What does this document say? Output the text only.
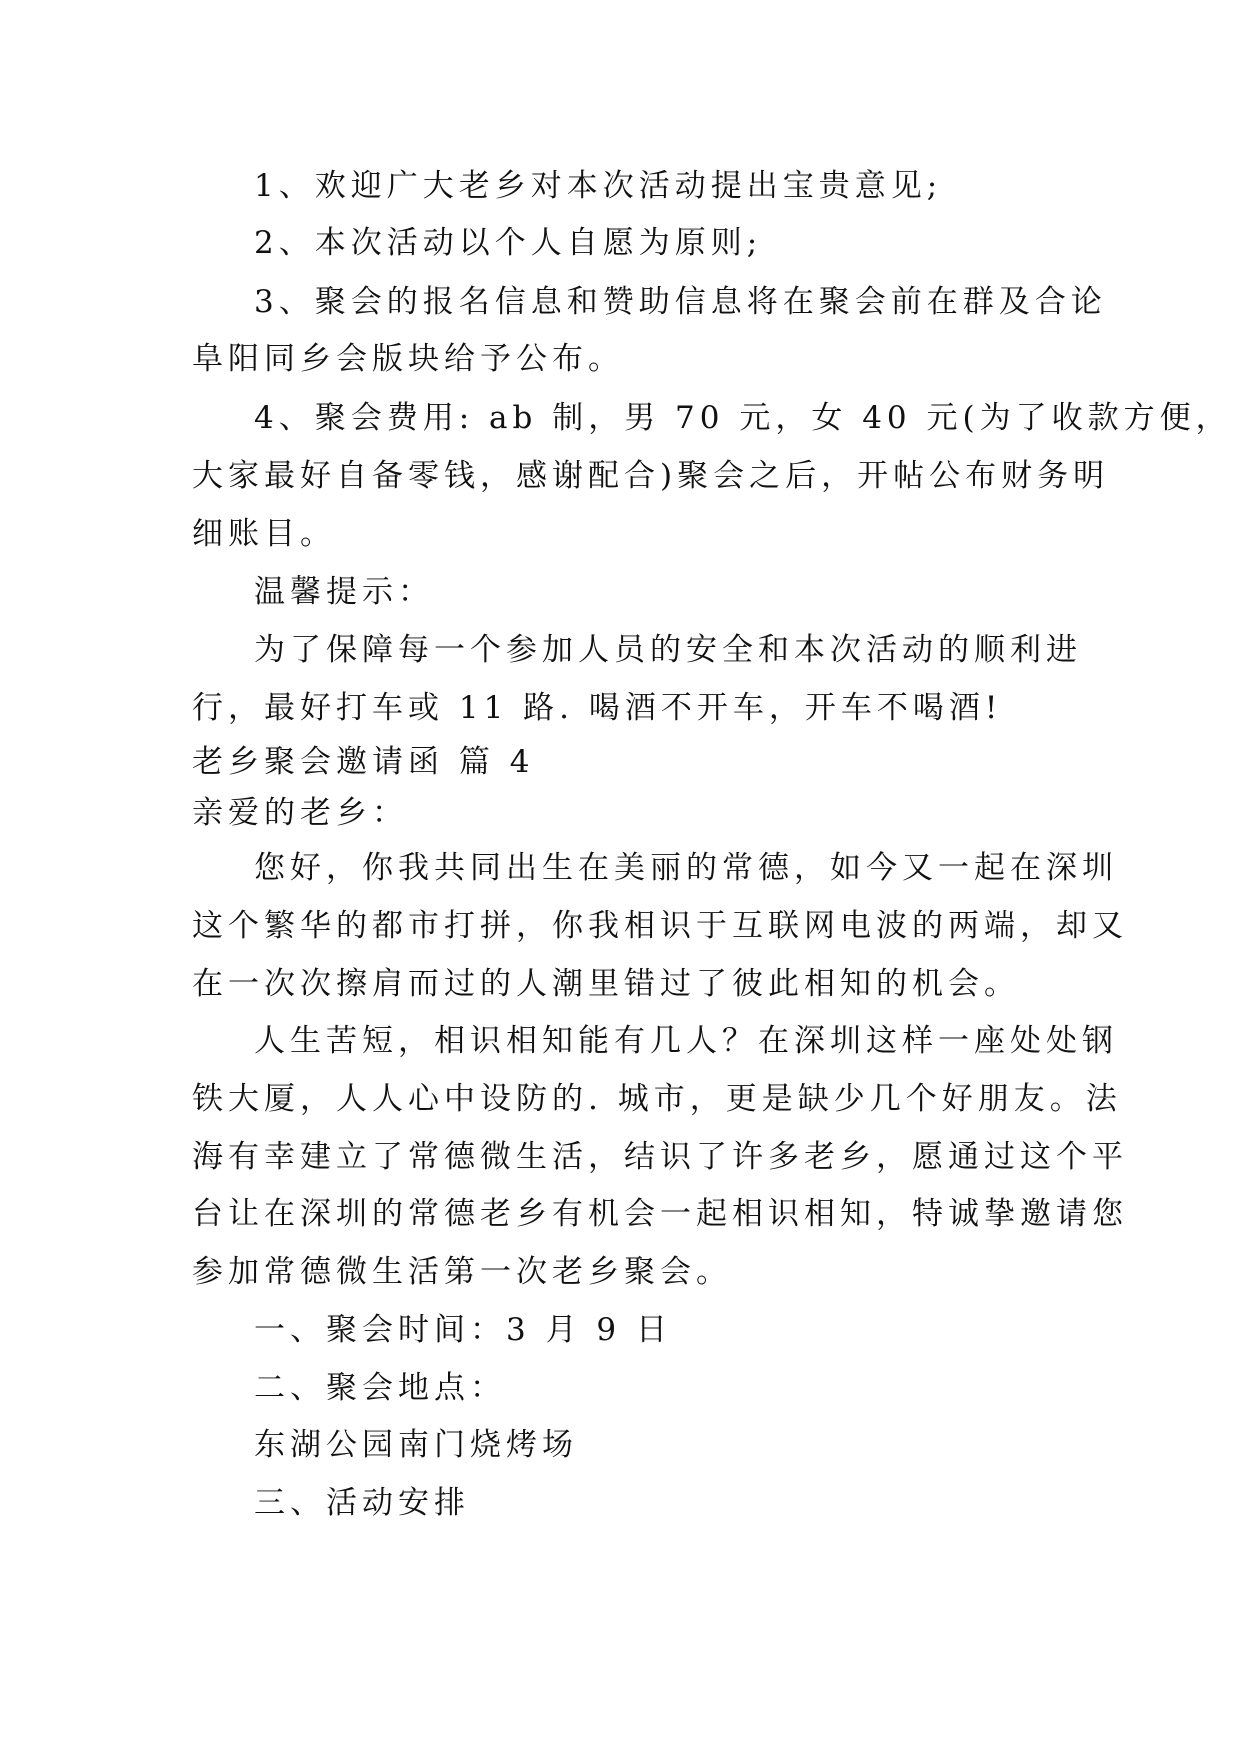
1、欢迎广大老乡对本次活动提出宝贵意见;
2、本次活动以个人自愿为原则;
3、聚会的报名信息和赞助信息将在聚会前在群及合论
阜阳同乡会版块给予公布。
4、聚会费用: ab 制，男 70 元，女 40 元(为了收款方便，
大家最好自备零钱，感谢配合)聚会之后，开帖公布财务明
细账目。
温馨提示：
为了保障每一个参加人员的安全和本次活动的顺利进
行，最好打车或 11 路. 喝酒不开车，开车不喝酒!
老乡聚会邀请函 篇 4
亲爱的老乡：
您好，你我共同出生在美丽的常德，如今又一起在深圳
这个繁华的都市打拼，你我相识于互联网电波的两端，却又
在一次次擦肩而过的人潮里错过了彼此相知的机会。
人生苦短，相识相知能有几人？在深圳这样一座处处钢
铁大厦，人人心中设防的. 城市，更是缺少几个好朋友。法
海有幸建立了常德微生活，结识了许多老乡，愿通过这个平
台让在深圳的常德老乡有机会一起相识相知，特诚挚邀请您
参加常德微生活第一次老乡聚会。
一、聚会时间：3 月 9 日
二、聚会地点：
东湖公园南门烧烤场
三、活动安排
